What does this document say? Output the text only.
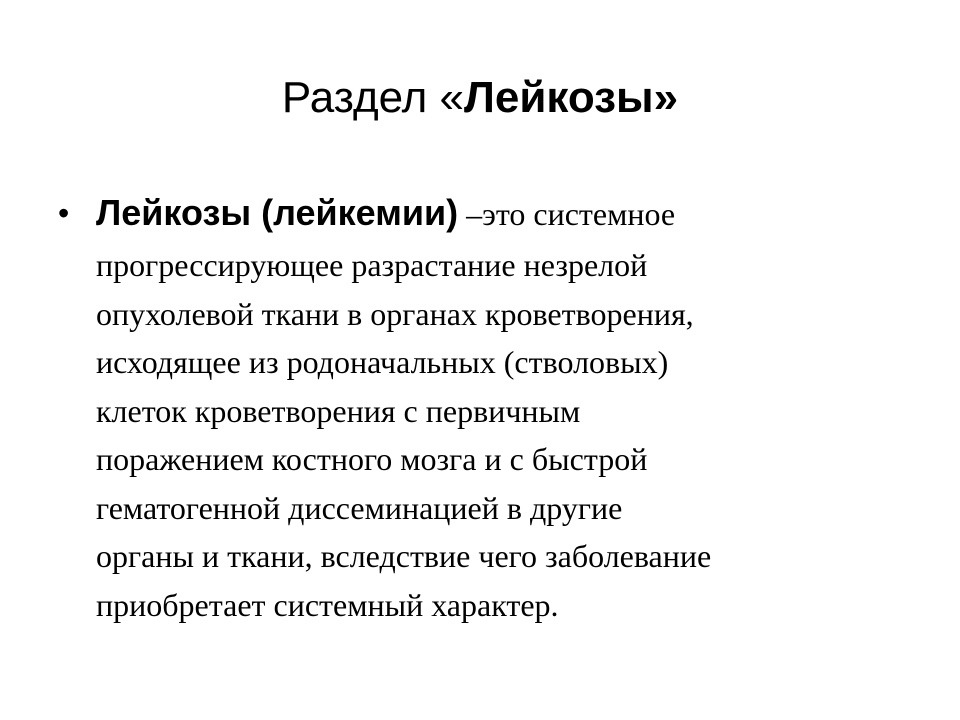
Раздел «Лейкозы»
• Лейкозы (лейкемии) –это системное
прогрессирующее разрастание незрелой
опухолевой ткани в органах кроветворения,
исходящее из родоначальных (стволовых)
клеток кроветворения с первичным
поражением костного мозга и с быстрой
гематогенной диссеминацией в другие
органы и ткани, вследствие чего заболевание
приобретает системный характер.
